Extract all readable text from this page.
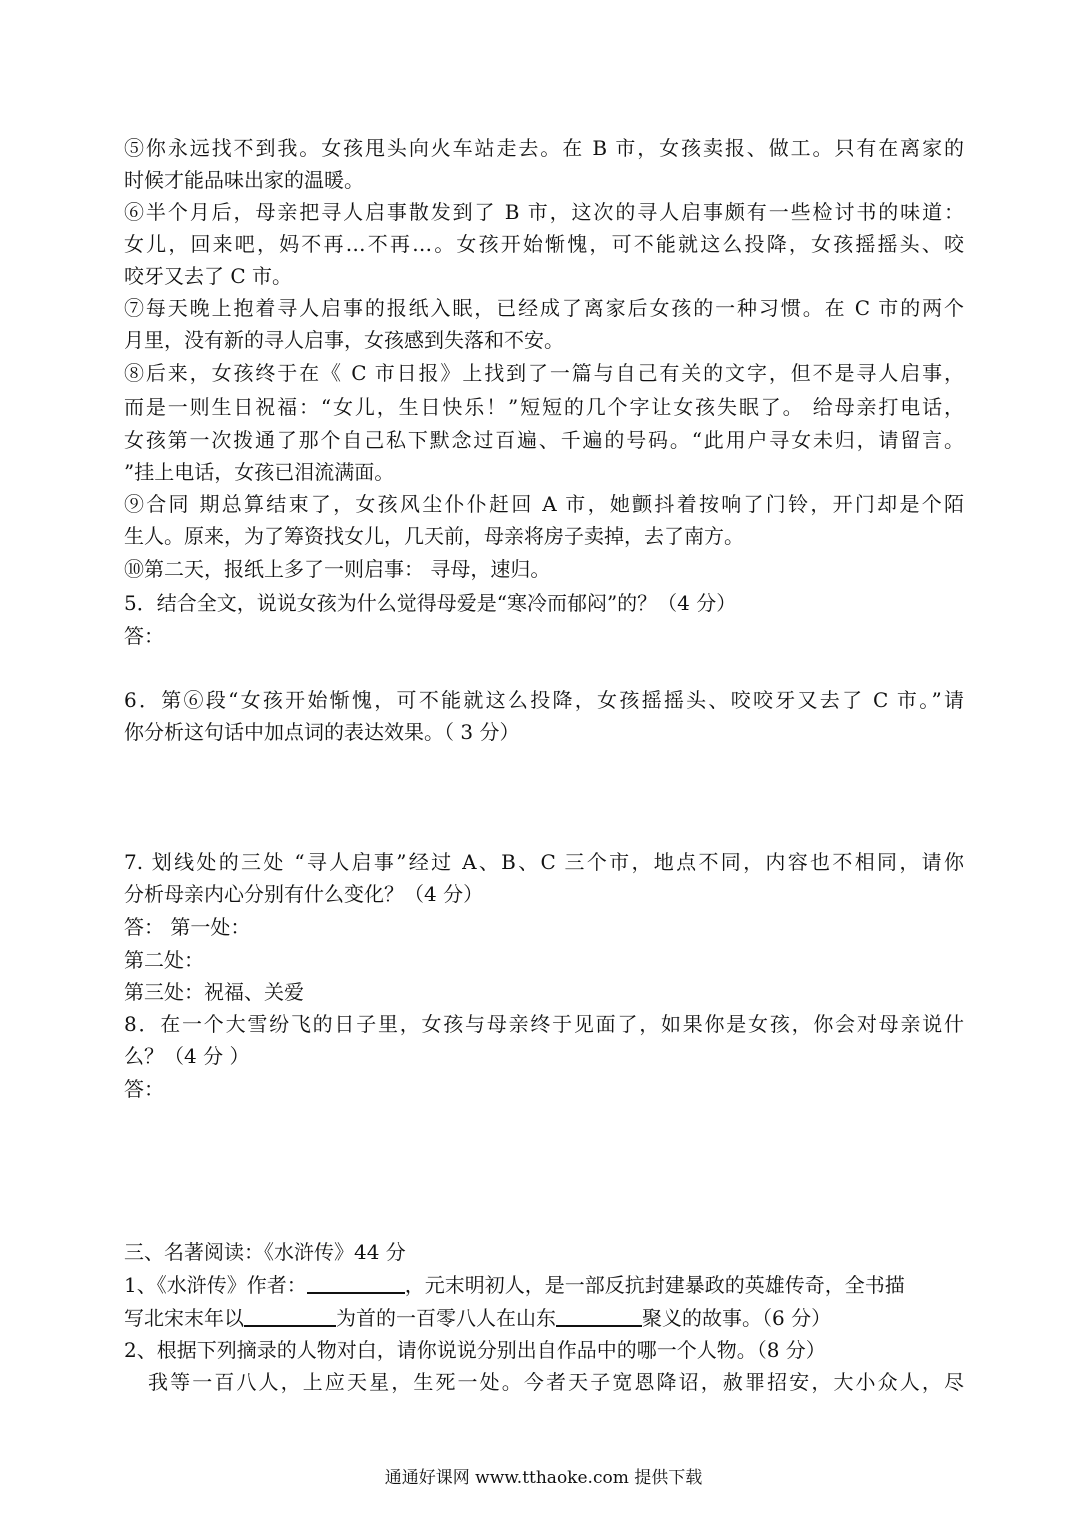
⑤你永远找不到我。女孩甩头向火车站走去。在 B 市，女孩卖报、做工。只有在离家的
时候才能品味出家的温暖。
⑥半个月后，母亲把寻人启事散发到了 B 市，这次的寻人启事颇有一些检讨书的味道：
女儿，回来吧，妈不再…不再…。女孩开始惭愧，可不能就这么投降，女孩摇摇头、咬
咬牙又去了 C 市。
⑦每天晚上抱着寻人启事的报纸入眠，已经成了离家后女孩的一种习惯。在 C 市的两个
月里，没有新的寻人启事，女孩感到失落和不安。
⑧后来，女孩终于在《 C 市日报》上找到了一篇与自己有关的文字，但不是寻人启事，
而是一则生日祝福：“女儿，生日快乐！”短短的几个字让女孩失眠了。 给母亲打电话，
女孩第一次拨通了那个自己私下默念过百遍、千遍的号码。“此用户寻女未归，请留言。
”挂上电话，女孩已泪流满面。
⑨合同 期总算结束了，女孩风尘仆仆赶回 A 市，她颤抖着按响了门铃，开门却是个陌
生人。原来，为了筹资找女儿，几天前，母亲将房子卖掉，去了南方。
⑩第二天，报纸上多了一则启事： 寻母，速归。
5．结合全文，说说女孩为什么觉得母爱是“寒冷而郁闷”的？（4 分）
答：
6．第⑥段“女孩开始惭愧，可不能就这么投降，女孩摇摇头、咬咬牙又去了 C 市。”请
你分析这句话中加点词的表达效果。（ 3 分）
7. 划线处的三处 “寻人启事”经过 A、B、C 三个市，地点不同，内容也不相同，请你
分析母亲内心分别有什么变化？（4 分）
答： 第一处：
第二处：
第三处：祝福、关爱
8．在一个大雪纷飞的日子里，女孩与母亲终于见面了，如果你是女孩，你会对母亲说什
么？（4 分 ）
答：
三、名著阅读：《水浒传》44 分
1、《水浒传》作者：	，元末明初人，是一部反抗封建暴政的英雄传奇，全书描
写北宋末年以	为首的一百零八人在山东	聚义的故事。（6 分）
2、根据下列摘录的人物对白，请你说说分别出自作品中的哪一个人物。（8 分）
我等一百八人，上应天星，生死一处。今者天子宽恩降诏，赦罪招安，大小众人，尽
通通好课网 www.tthaoke.com 提供下载
